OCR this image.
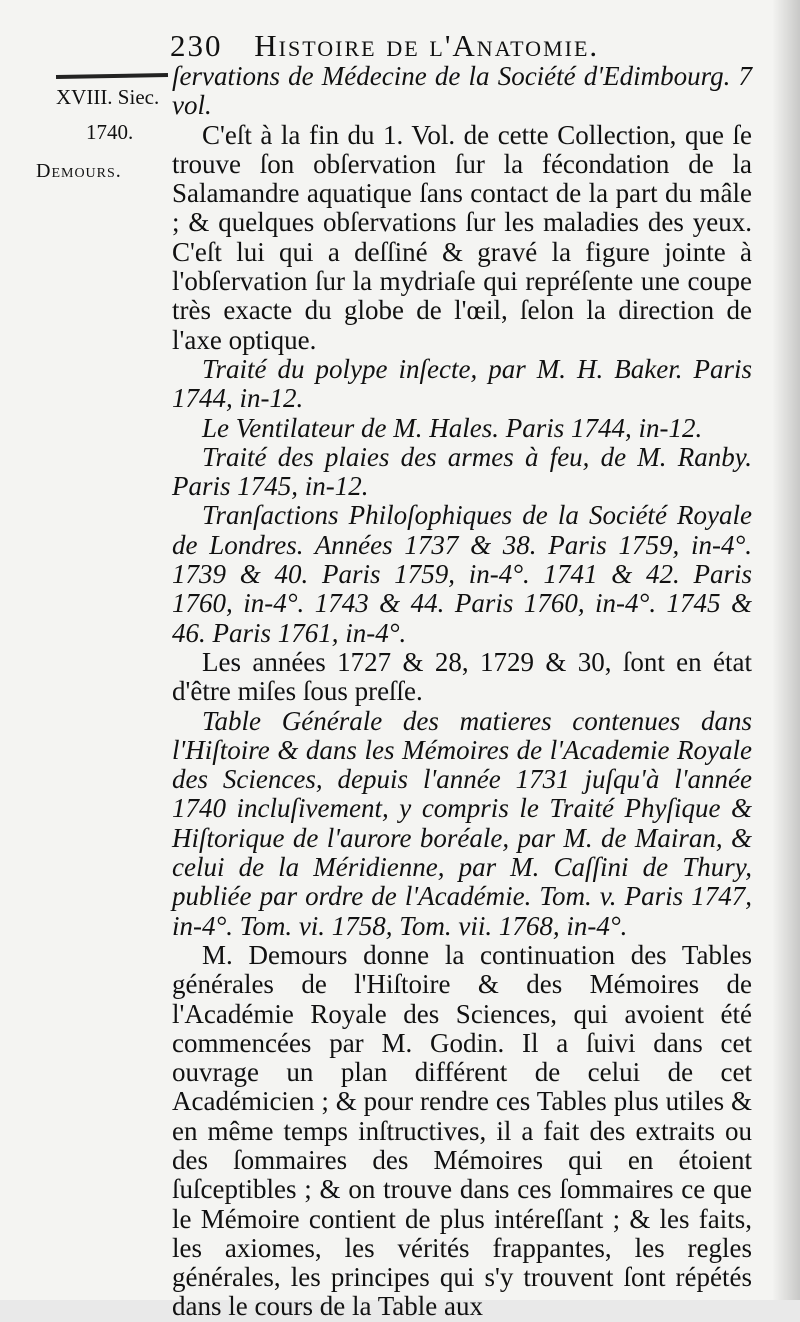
230 Histoire de l'Anatomie.
XVIII. Siec.
1740.
Demours.

ſervations de Médecine de la Société d'Edimbourg. 7 vol.

C'eſt à la fin du 1. Vol. de cette Collection, que ſe trouve ſon obſervation ſur la fécondation de la Salamandre aquatique ſans contact de la part du mâle ; & quelques obſervations ſur les maladies des yeux. C'eſt lui qui a deſſiné & gravé la figure jointe à l'obſervation ſur la mydriaſe qui repréſente une coupe très exacte du globe de l'œil, ſelon la direction de l'axe optique.

Traité du polype inſecte, par M. H. Baker. Paris 1744, in-12.

Le Ventilateur de M. Hales. Paris 1744, in-12.

Traité des plaies des armes à feu, de M. Ranby. Paris 1745, in-12.

Tranſactions Philoſophiques de la Société Royale de Londres. Années 1737 & 38. Paris 1759, in-4°. 1739 & 40. Paris 1759, in-4°. 1741 & 42. Paris 1760, in-4°. 1743 & 44. Paris 1760, in-4°. 1745 & 46. Paris 1761, in-4°.

Les années 1727 & 28, 1729 & 30, ſont en état d'être miſes ſous preſſe.

Table Générale des matieres contenues dans l'Hiſtoire & dans les Mémoires de l'Academie Royale des Sciences, depuis l'année 1731 juſqu'à l'année 1740 incluſivement, y compris le Traité Phyſique & Hiſtorique de l'aurore boréale, par M. de Mairan, & celui de la Méridienne, par M. Caſſini de Thury, publiée par ordre de l'Académie. Tom. v. Paris 1747, in-4°. Tom. vi. 1758, Tom. vii. 1768, in-4°.

M. Demours donne la continuation des Tables générales de l'Hiſtoire & des Mémoires de l'Académie Royale des Sciences, qui avoient été commencées par M. Godin. Il a ſuivi dans cet ouvrage un plan différent de celui de cet Académicien ; & pour rendre ces Tables plus utiles & en même temps inſtructives, il a fait des extraits ou des ſommaires des Mémoires qui en étoient ſuſceptibles ; & on trouve dans ces ſommaires ce que le Mémoire contient de plus intéreſſant ; & les faits, les axiomes, les vérités frappantes, les regles générales, les principes qui s'y trouvent ſont répétés dans le cours de la Table aux
